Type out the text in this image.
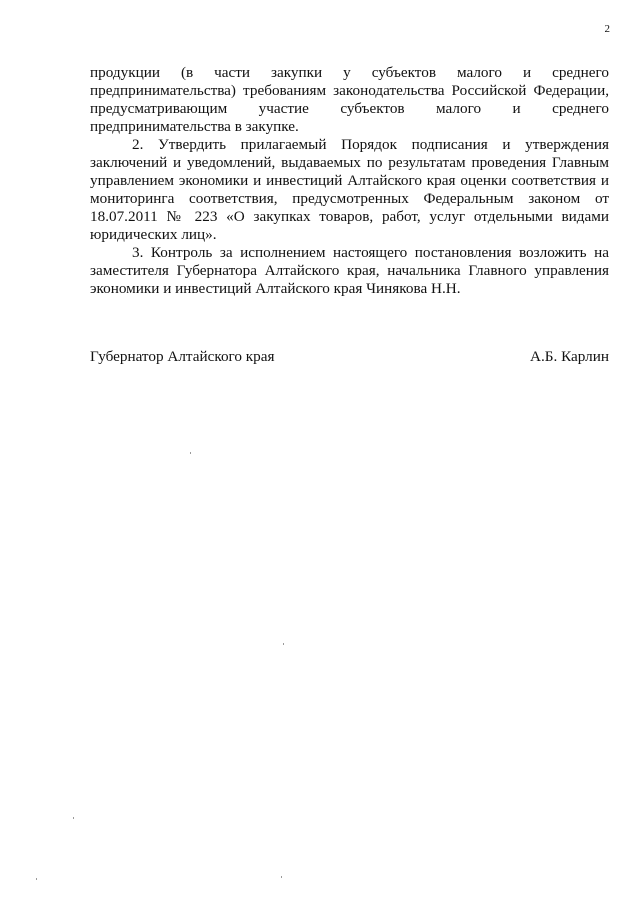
2

продукции (в части закупки у субъектов малого и среднего
предпринимательства) требованиям законодательства Российской Федерации, предусматривающим участие субъектов малого и среднего предпринимательства в закупке.

2. Утвердить прилагаемый Порядок подписания и утверждения заключений и уведомлений, выдаваемых по результатам проведения Главным управлением экономики и инвестиций Алтайского края оценки соответствия и мониторинга соответствия, предусмотренных Федеральным законом от 18.07.2011 № 223 «О закупках товаров, работ, услуг отдельными видами юридических лиц».

3. Контроль за исполнением настоящего постановления возложить на заместителя Губернатора Алтайского края, начальника Главного управления экономики и инвестиций Алтайского края Чинякова Н.Н.

Губернатор Алтайского края	А.Б. Карлин
